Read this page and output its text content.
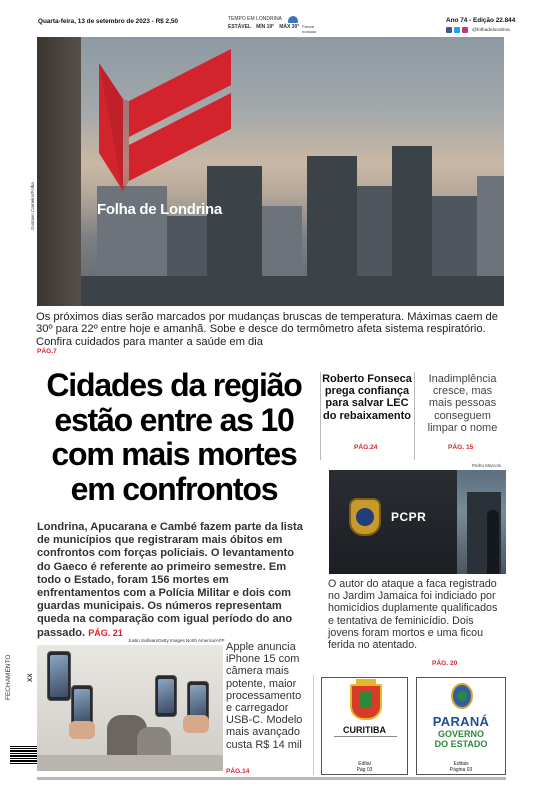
Quarta-feira, 13 de setembro de 2023 - R$ 2,50	TEMPO EM LONDRINA
Parcial nublado
ESTÁVEL MÍN 19° MÁX 30°
Ano 74 - Edição 22.844
@folhadelondrina
Folha de Londrina
Gustavo Carneiro/Folha
Os próximos dias serão marcados por mudanças bruscas de temperatura. Máximas caem de 30º para 22º entre hoje e amanhã. Sobe e desce do termômetro afeta sistema respiratório. Confira cuidados para manter a saúde em dia
PÁG.7
Cidades da região estão entre as 10 com mais mortes em confrontos
Londrina, Apucarana e Cambé fazem parte da lista de municípios que registraram mais óbitos em confrontos com forças policiais. O levantamento do Gaeco é referente ao primeiro semestre. Em todo o Estado, foram 156 mortes em enfrentamentos com a Polícia Militar e dois com guardas municipais. Os números representam queda na comparação com igual período do ano passado. PÁG. 21
Roberto Fonseca prega confiança para salvar LEC do rebaixamento
PÁG.24
Inadimplência cresce, mas mais pessoas conseguem limpar o nome
PÁG. 15
Pedro Marconi
PCPR
O autor do ataque a faca registrado no Jardim Jamaica foi indiciado por homicídios duplamente qualificados e tentativa de feminicídio. Dois jovens foram mortos e uma ficou ferida no atentado.
PÁG. 20
FECHAMENTO XX
Justin Sullivan/Getty Images North America/AFP
Apple anuncia iPhone 15 com câmera mais potente, maior processamento e carregador USB-C. Modelo mais avançado custa R$ 14 mil
PÁG.14
CURITIBA
Edital
Pág 03
PARANÁ
GOVERNO
DO ESTADO
Editais
Página 03
